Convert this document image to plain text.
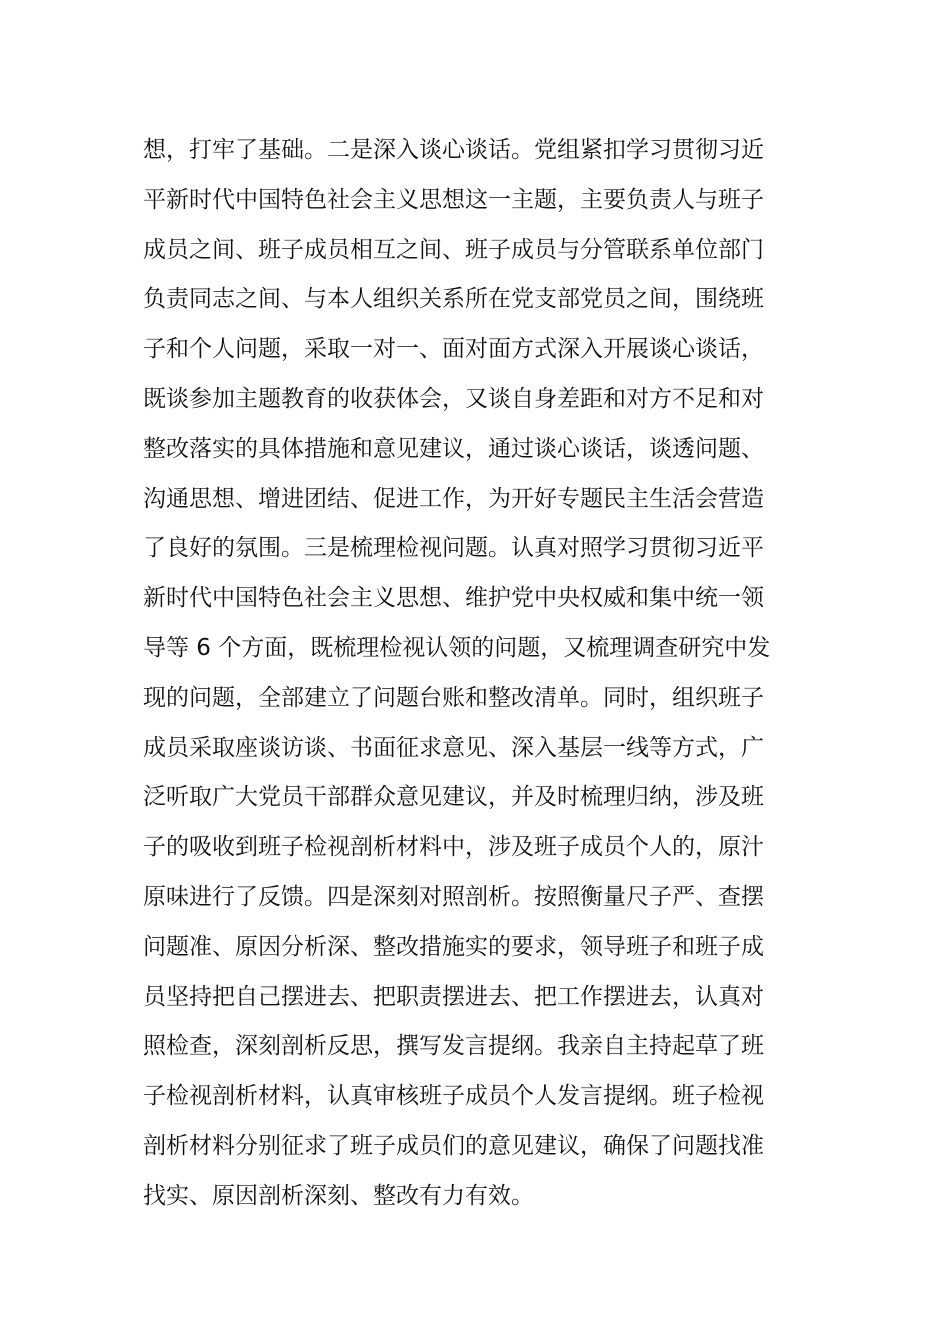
想，打牢了基础。二是深入谈心谈话。党组紧扣学习贯彻习近
平新时代中国特色社会主义思想这一主题，主要负责人与班子
成员之间、班子成员相互之间、班子成员与分管联系单位部门
负责同志之间、与本人组织关系所在党支部党员之间，围绕班
子和个人问题，采取一对一、面对面方式深入开展谈心谈话，
既谈参加主题教育的收获体会，又谈自身差距和对方不足和对
整改落实的具体措施和意见建议，通过谈心谈话，谈透问题、
沟通思想、增进团结、促进工作，为开好专题民主生活会营造
了良好的氛围。三是梳理检视问题。认真对照学习贯彻习近平
新时代中国特色社会主义思想、维护党中央权威和集中统一领
导等 6 个方面，既梳理检视认领的问题，又梳理调查研究中发
现的问题，全部建立了问题台账和整改清单。同时，组织班子
成员采取座谈访谈、书面征求意见、深入基层一线等方式，广
泛听取广大党员干部群众意见建议，并及时梳理归纳，涉及班
子的吸收到班子检视剖析材料中，涉及班子成员个人的，原汁
原味进行了反馈。四是深刻对照剖析。按照衡量尺子严、查摆
问题准、原因分析深、整改措施实的要求，领导班子和班子成
员坚持把自己摆进去、把职责摆进去、把工作摆进去，认真对
照检查，深刻剖析反思，撰写发言提纲。我亲自主持起草了班
子检视剖析材料，认真审核班子成员个人发言提纲。班子检视
剖析材料分别征求了班子成员们的意见建议，确保了问题找准
找实、原因剖析深刻、整改有力有效。
